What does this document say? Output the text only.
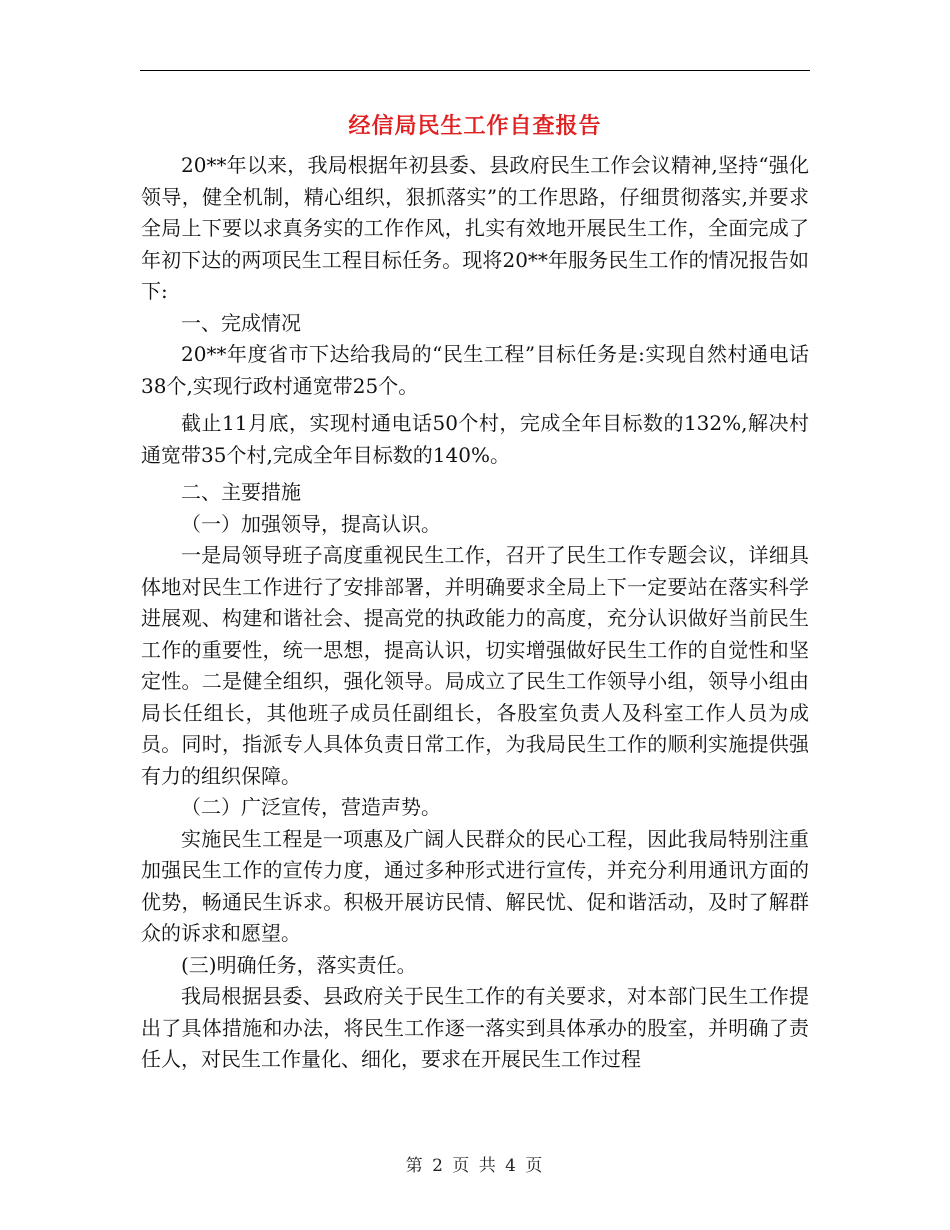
经信局民生工作自查报告

20**年以来，我局根据年初县委、县政府民生工作会议精神,坚持“强化领导，健全机制，精心组织，狠抓落实”的工作思路，仔细贯彻落实,并要求全局上下要以求真务实的工作作风，扎实有效地开展民生工作，全面完成了年初下达的两项民生工程目标任务。现将20**年服务民生工作的情况报告如下:

一、完成情况

20**年度省市下达给我局的“民生工程”目标任务是:实现自然村通电话38个,实现行政村通宽带25个。

截止11月底，实现村通电话50个村，完成全年目标数的132%,解决村通宽带35个村,完成全年目标数的140%。

二、主要措施

（一）加强领导，提高认识。

一是局领导班子高度重视民生工作，召开了民生工作专题会议，详细具体地对民生工作进行了安排部署，并明确要求全局上下一定要站在落实科学进展观、构建和谐社会、提高党的执政能力的高度，充分认识做好当前民生工作的重要性，统一思想，提高认识，切实增强做好民生工作的自觉性和坚定性。二是健全组织，强化领导。局成立了民生工作领导小组，领导小组由局长任组长，其他班子成员任副组长，各股室负责人及科室工作人员为成员。同时，指派专人具体负责日常工作，为我局民生工作的顺利实施提供强有力的组织保障。

（二）广泛宣传，营造声势。

实施民生工程是一项惠及广阔人民群众的民心工程，因此我局特别注重加强民生工作的宣传力度，通过多种形式进行宣传，并充分利用通讯方面的优势，畅通民生诉求。积极开展访民情、解民忧、促和谐活动，及时了解群众的诉求和愿望。

(三)明确任务，落实责任。

我局根据县委、县政府关于民生工作的有关要求，对本部门民生工作提出了具体措施和办法，将民生工作逐一落实到具体承办的股室，并明确了责任人，对民生工作量化、细化，要求在开展民生工作过程

第 2 页 共 4 页
